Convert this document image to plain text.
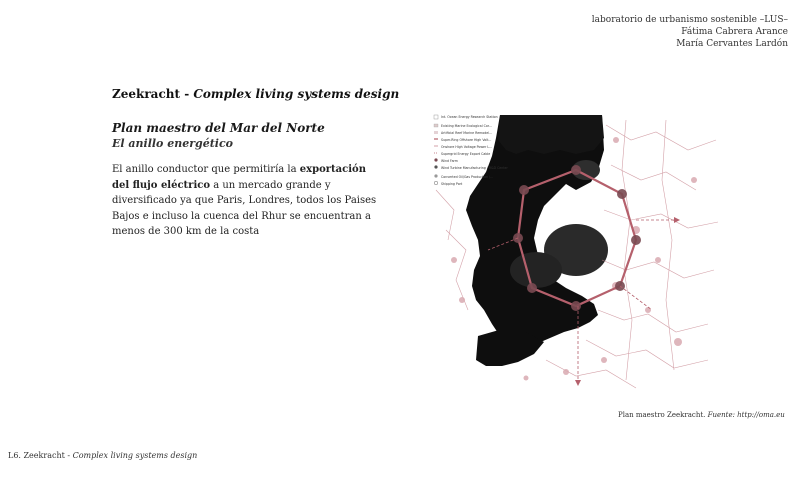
laboratorio de urbanismo sostenible –LUS–
Fátima Cabrera Arance
María Cervantes Lardón
Zeekracht - Complex living systems design
Plan maestro del Mar del Norte
El anillo energético

El anillo conductor que permitiría la exportación del flujo eléctrico a un mercado grande y diversificado ya que Paris, Londres, todos los Paises Bajos e incluso la cuenca del Rhur se encuentran a menos de 300 km de la costa

Int. Ocean Energy Research Station
Existing Marine Ecological Cor...
Artificial Reef Marine Remodel...
Super-Ring Offshore High Volt...
Onshore High Voltage Power L...
Supergrid Energy Export Cable
Wind Farm
Wind Turbine Manufacturing / R&D Center
Converted Oil/Gas Production /...
Shipping Port
Plan maestro Zeekracht. Fuente: http://oma.eu
L6. Zeekracht - Complex living systems design
